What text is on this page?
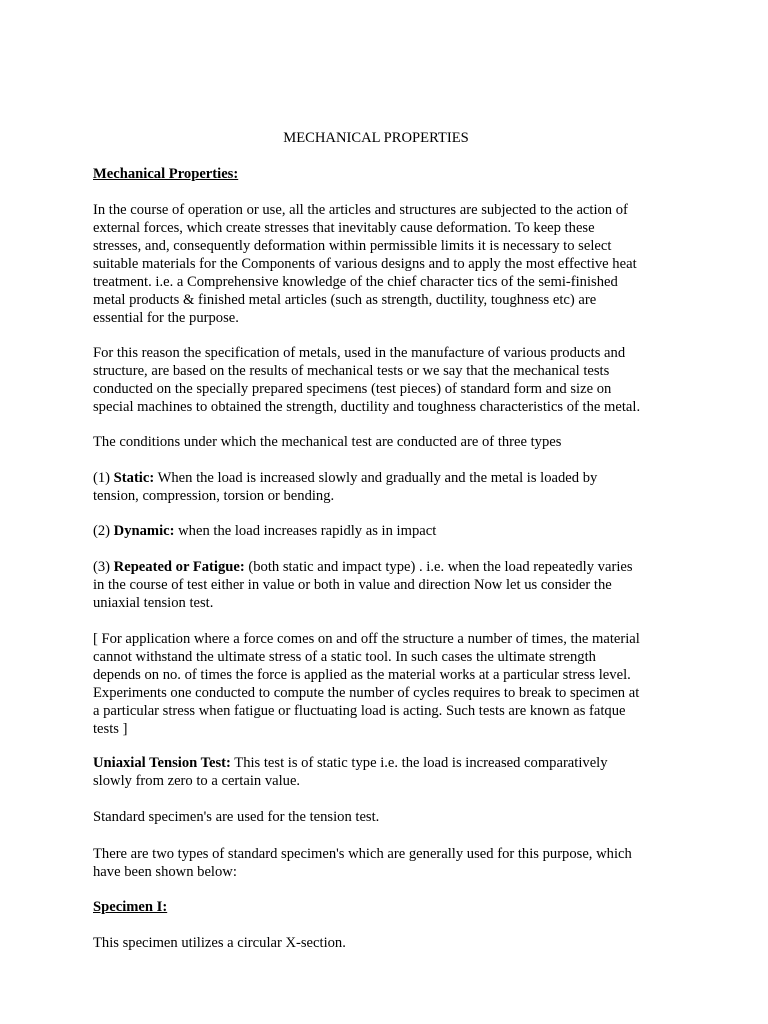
MECHANICAL PROPERTIES
Mechanical Properties:
In the course of operation or use, all the articles and structures are subjected to the action of
external forces, which create stresses that inevitably cause deformation. To keep these
stresses, and, consequently deformation within permissible limits it is necessary to select
suitable materials for the Components of various designs and to apply the most effective heat
treatment. i.e. a Comprehensive knowledge of the chief character tics of the semi-finished
metal products & finished metal articles (such as strength, ductility, toughness etc) are
essential for the purpose.
For this reason the specification of metals, used in the manufacture of various products and
structure, are based on the results of mechanical tests or we say that the mechanical tests
conducted on the specially prepared specimens (test pieces) of standard form and size on
special machines to obtained the strength, ductility and toughness characteristics of the metal.
The conditions under which the mechanical test are conducted are of three types
(1) Static: When the load is increased slowly and gradually and the metal is loaded by
tension, compression, torsion or bending.
(2) Dynamic: when the load increases rapidly as in impact
(3) Repeated or Fatigue: (both static and impact type) . i.e. when the load repeatedly varies
in the course of test either in value or both in value and direction Now let us consider the
uniaxial tension test.
[ For application where a force comes on and off the structure a number of times, the material
cannot withstand the ultimate stress of a static tool. In such cases the ultimate strength
depends on no. of times the force is applied as the material works at a particular stress level.
Experiments one conducted to compute the number of cycles requires to break to specimen at
a particular stress when fatigue or fluctuating load is acting. Such tests are known as fatque
tests ]
Uniaxial Tension Test: This test is of static type i.e. the load is increased comparatively
slowly from zero to a certain value.
Standard specimen's are used for the tension test.
There are two types of standard specimen's which are generally used for this purpose, which
have been shown below:
Specimen I:
This specimen utilizes a circular X-section.
